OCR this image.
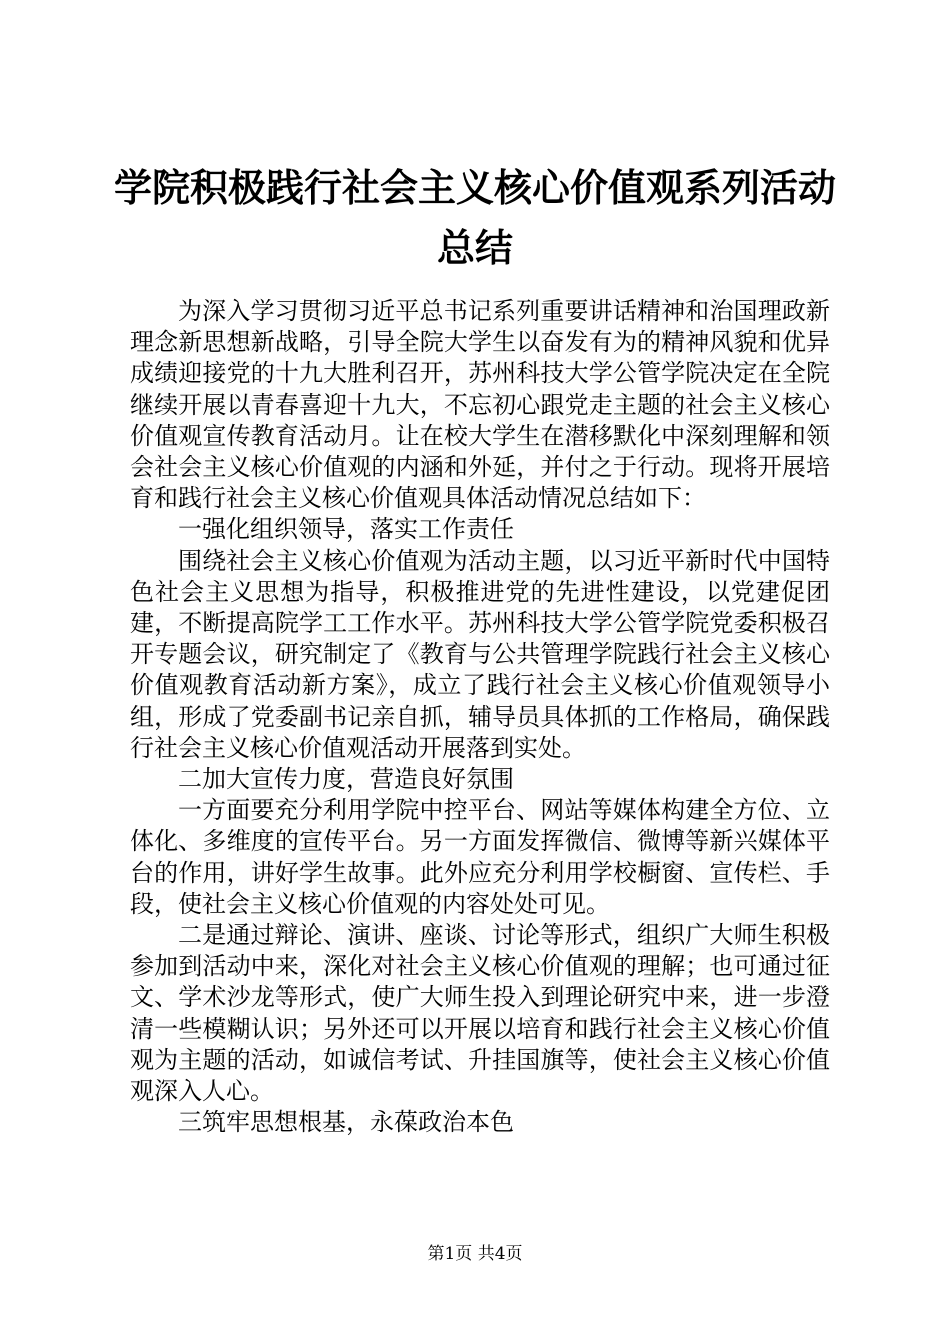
学院积极践行社会主义核心价值观系列活动总结

为深入学习贯彻习近平总书记系列重要讲话精神和治国理政新理念新思想新战略，引导全院大学生以奋发有为的精神风貌和优异成绩迎接党的十九大胜利召开，苏州科技大学公管学院决定在全院继续开展以青春喜迎十九大，不忘初心跟党走主题的社会主义核心价值观宣传教育活动月。让在校大学生在潜移默化中深刻理解和领会社会主义核心价值观的内涵和外延，并付之于行动。现将开展培育和践行社会主义核心价值观具体活动情况总结如下：

一强化组织领导，落实工作责任

围绕社会主义核心价值观为活动主题，以习近平新时代中国特色社会主义思想为指导，积极推进党的先进性建设，以党建促团建，不断提高院学工工作水平。苏州科技大学公管学院党委积极召开专题会议，研究制定了《教育与公共管理学院践行社会主义核心价值观教育活动新方案》，成立了践行社会主义核心价值观领导小组，形成了党委副书记亲自抓，辅导员具体抓的工作格局，确保践行社会主义核心价值观活动开展落到实处。

二加大宣传力度，营造良好氛围

一方面要充分利用学院中控平台、网站等媒体构建全方位、立体化、多维度的宣传平台。另一方面发挥微信、微博等新兴媒体平台的作用，讲好学生故事。此外应充分利用学校橱窗、宣传栏、手段，使社会主义核心价值观的内容处处可见。

二是通过辩论、演讲、座谈、讨论等形式，组织广大师生积极参加到活动中来，深化对社会主义核心价值观的理解；也可通过征文、学术沙龙等形式，使广大师生投入到理论研究中来，进一步澄清一些模糊认识；另外还可以开展以培育和践行社会主义核心价值观为主题的活动，如诚信考试、升挂国旗等，使社会主义核心价值观深入人心。

三筑牢思想根基，永葆政治本色

第1页 共4页
